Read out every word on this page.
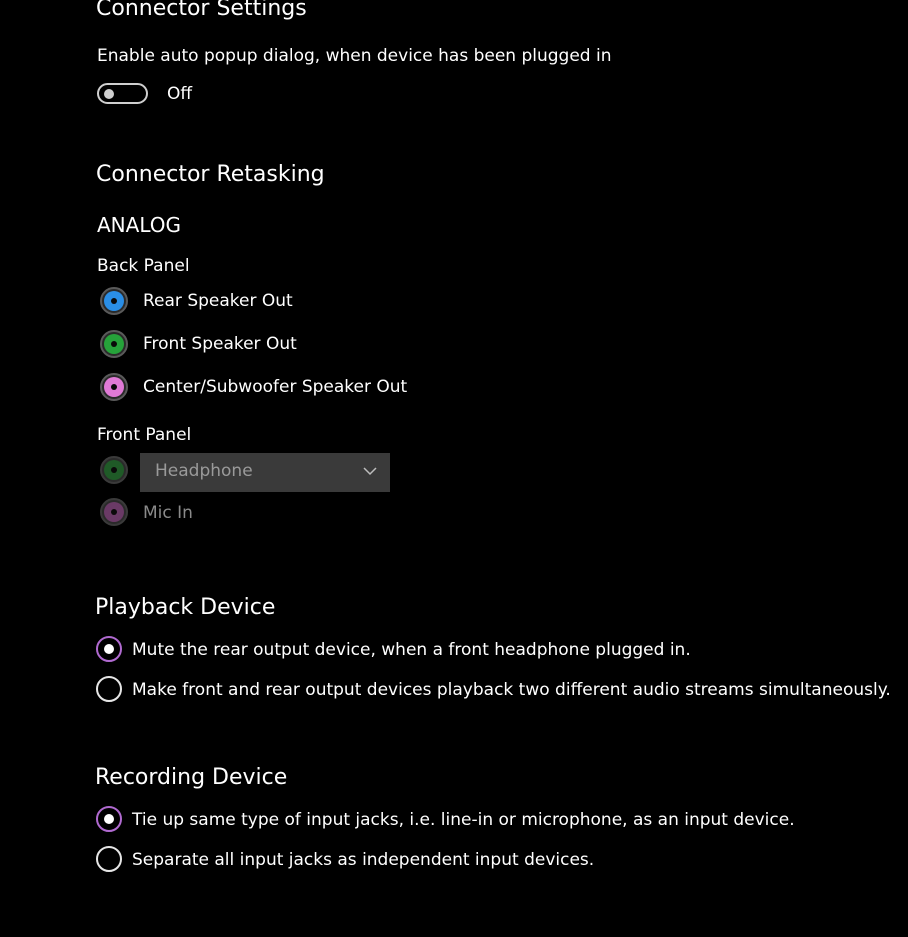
Connector Settings
Enable auto popup dialog, when device has been plugged in
Off
Connector Retasking
ANALOG
Back Panel
Rear Speaker Out
Front Speaker Out
Center/Subwoofer Speaker Out
Front Panel
Headphone
Mic In
Playback Device
Mute the rear output device, when a front headphone plugged in.
Make front and rear output devices playback two different audio streams simultaneously.
Recording Device
Tie up same type of input jacks, i.e. line-in or microphone, as an input device.
Separate all input jacks as independent input devices.
